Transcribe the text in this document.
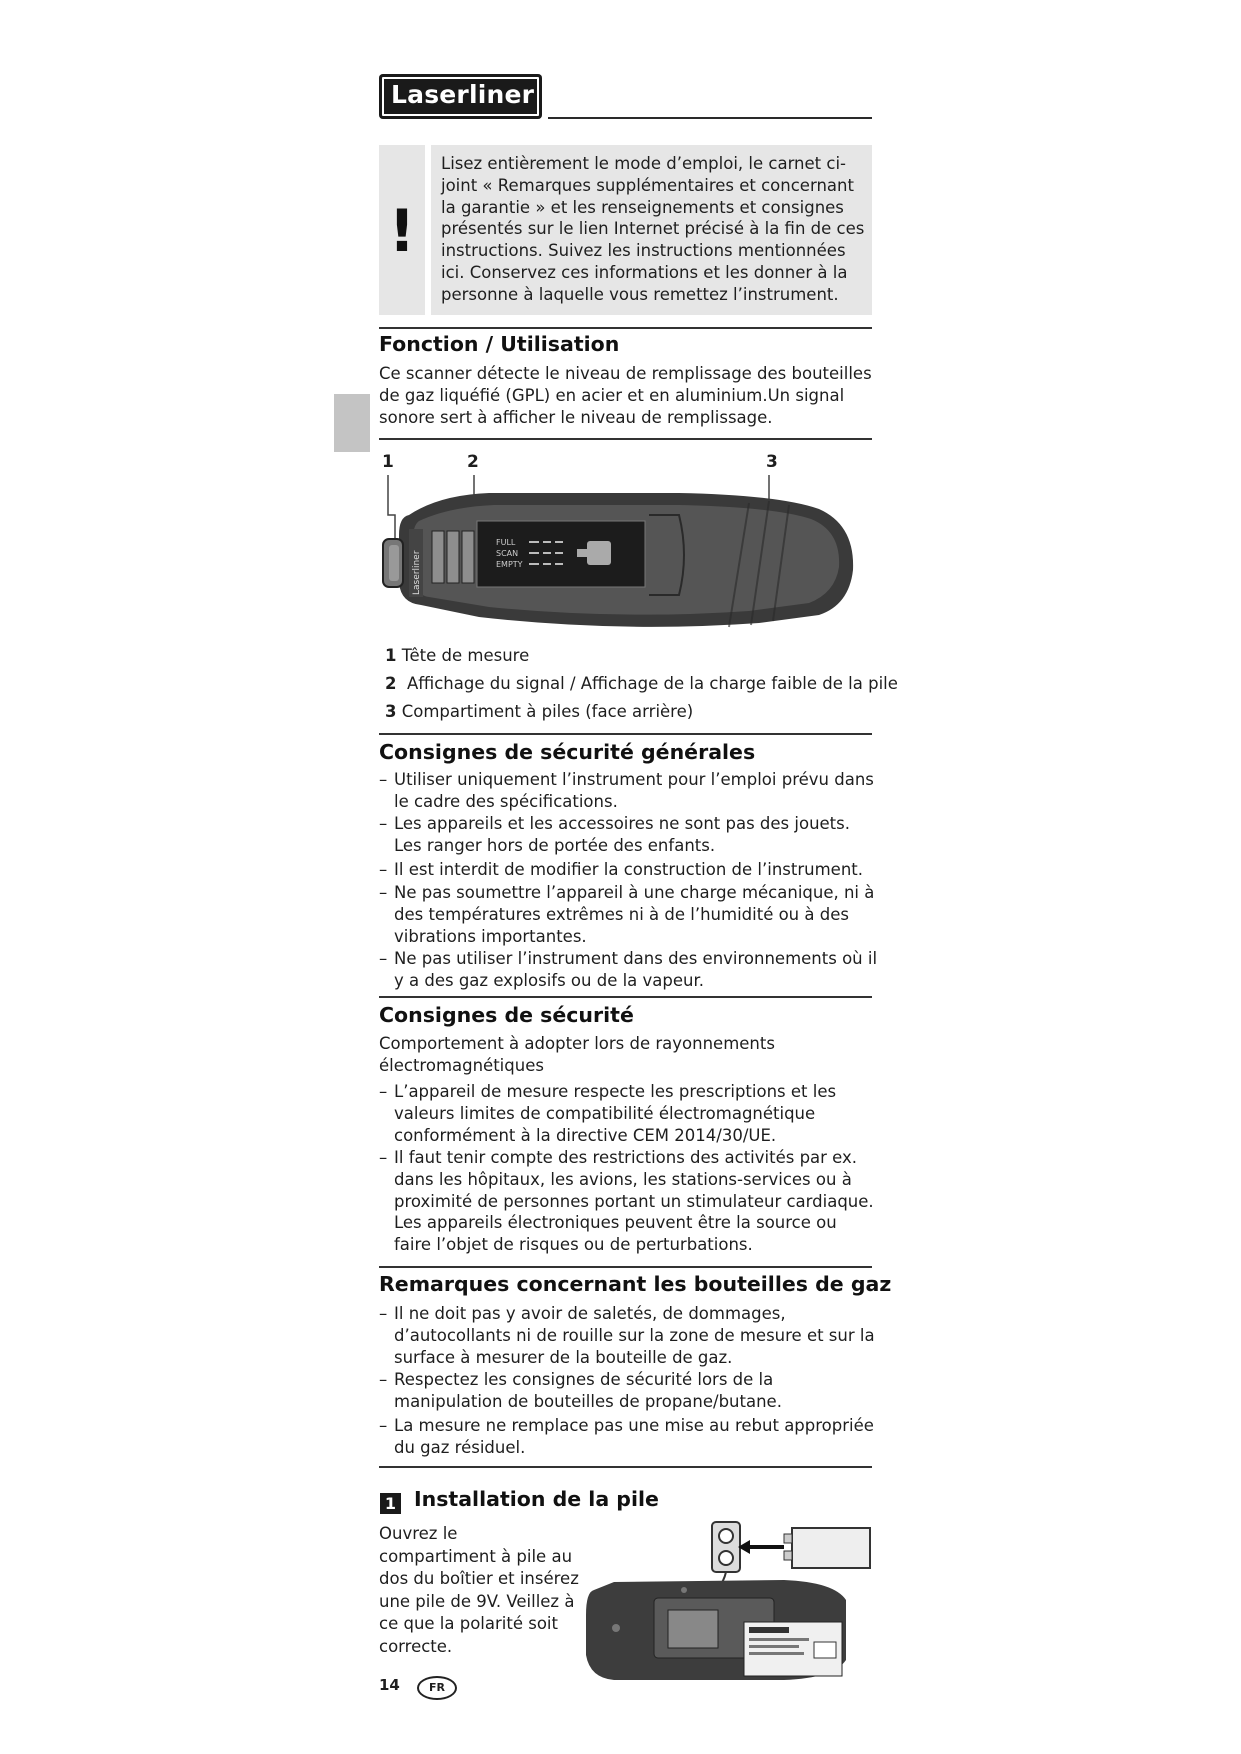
Laserliner
!
Lisez entièrement le mode d’emploi, le carnet ci-joint « Remarques supplémentaires et concernant la garantie » et les renseignements et consignes présentés sur le lien Internet précisé à la fin de ces instructions. Suivez les instructions mentionnées ici. Conservez ces informations et les donner à la personne à laquelle vous remettez l’instrument.
Fonction / Utilisation
Ce scanner détecte le niveau de remplissage des bouteilles de gaz liquéfié (GPL) en acier et en aluminium.Un signal sonore sert à afficher le niveau de remplissage.
1	2	3
Laserliner
FULL
SCAN
EMPTY
1 Tête de mesure
2 Affichage du signal / Affichage de la charge faible de la pile
3 Compartiment à piles (face arrière)
Consignes de sécurité générales
– Utiliser uniquement l’instrument pour l’emploi prévu dans le cadre des spécifications.
– Les appareils et les accessoires ne sont pas des jouets. Les ranger hors de portée des enfants.
– Il est interdit de modifier la construction de l’instrument.
– Ne pas soumettre l’appareil à une charge mécanique, ni à des températures extrêmes ni à de l’humidité ou à des vibrations importantes.
– Ne pas utiliser l’instrument dans des environnements où il y a des gaz explosifs ou de la vapeur.
Consignes de sécurité
Comportement à adopter lors de rayonnements électromagnétiques
– L’appareil de mesure respecte les prescriptions et les valeurs limites de compatibilité électromagnétique conformément à la directive CEM 2014/30/UE.
– Il faut tenir compte des restrictions des activités par ex. dans les hôpitaux, les avions, les stations-services ou à proximité de personnes portant un stimulateur cardiaque. Les appareils électroniques peuvent être la source ou faire l’objet de risques ou de perturbations.
Remarques concernant les bouteilles de gaz
– Il ne doit pas y avoir de saletés, de dommages, d’autocollants ni de rouille sur la zone de mesure et sur la surface à mesurer de la bouteille de gaz.
– Respectez les consignes de sécurité lors de la manipulation de bouteilles de propane/butane.
– La mesure ne remplace pas une mise au rebut appropriée du gaz résiduel.
1 Installation de la pile
Ouvrez le compartiment à pile au dos du boîtier et insérez une pile de 9V. Veillez à ce que la polarité soit correcte.
14	FR
